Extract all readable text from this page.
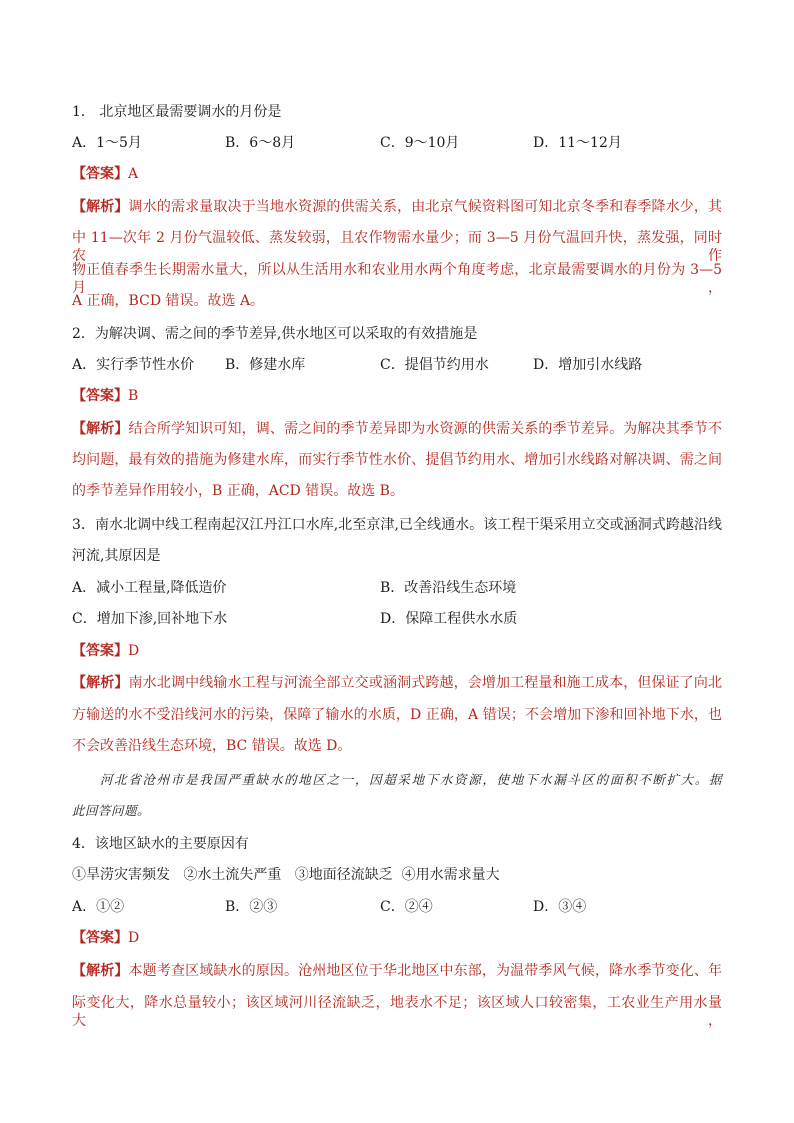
1． 北京地区最需要调水的月份是
A．1～5月	B．6～8月	C．9～10月	D．11～12月
【答案】A
【解析】调水的需求量取决于当地水资源的供需关系，由北京气候资料图可知北京冬季和春季降水少，其
中 11—次年 2 月份气温较低、蒸发较弱，且农作物需水量少；而 3—5 月份气温回升快，蒸发强，同时农作
物正值春季生长期需水量大，所以从生活用水和农业用水两个角度考虑，北京最需要调水的月份为 3—5 月，
A 正确，BCD 错误。故选 A。
2．为解决调、需之间的季节差异,供水地区可以采取的有效措施是
A．实行季节性水价 B．修建水库	C．提倡节约用水	D．增加引水线路
【答案】B
【解析】结合所学知识可知，调、需之间的季节差异即为水资源的供需关系的季节差异。为解决其季节不
均问题，最有效的措施为修建水库，而实行季节性水价、提倡节约用水、增加引水线路对解决调、需之间
的季节差异作用较小，B 正确，ACD 错误。故选 B。
3．南水北调中线工程南起汉江丹江口水库,北至京津,已全线通水。该工程干渠采用立交或涵洞式跨越沿线
河流,其原因是
A．减小工程量,降低造价	B．改善沿线生态环境
C．增加下渗,回补地下水	D．保障工程供水水质
【答案】D
【解析】南水北调中线输水工程与河流全部立交或涵洞式跨越，会增加工程量和施工成本，但保证了向北
方输送的水不受沿线河水的污染，保障了输水的水质，D 正确，A 错误；不会增加下渗和回补地下水，也
不会改善沿线生态环境，BC 错误。故选 D。
河北省沧州市是我国严重缺水的地区之一，因超采地下水资源，使地下水漏斗区的面积不断扩大。据
此回答问题。
4．该地区缺水的主要原因有
①旱涝灾害频发   ②水土流失严重   ③地面径流缺乏  ④用水需求量大
A．①②	B．②③	C．②④	D．③④
【答案】D
【解析】本题考查区域缺水的原因。沧州地区位于华北地区中东部，为温带季风气候，降水季节变化、年
际变化大，降水总量较小；该区域河川径流缺乏，地表水不足；该区域人口较密集，工农业生产用水量大，
